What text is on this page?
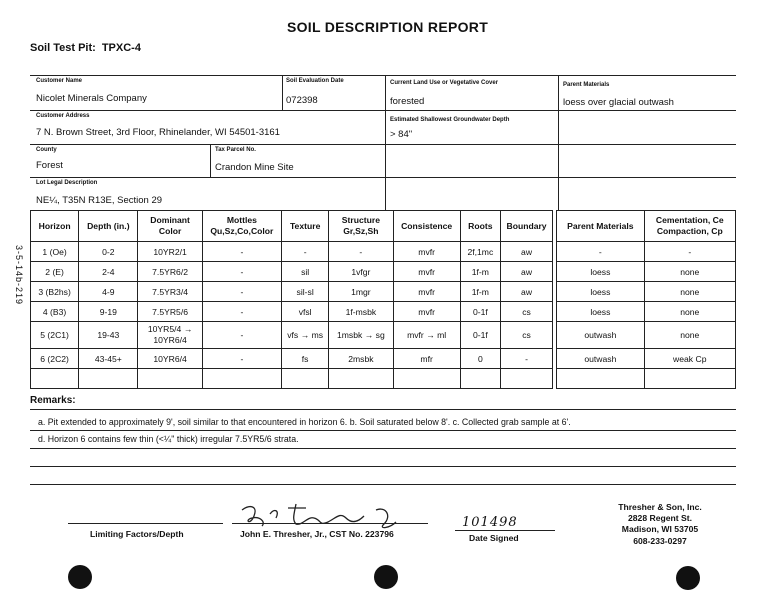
SOIL DESCRIPTION REPORT
Soil Test Pit: TPXC-4
Customer Name
Nicolet Minerals Company
Soil Evaluation Date
072398
Current Land Use or Vegetative Cover
forested
Parent Materials
loess over glacial outwash
Customer Address
7 N. Brown Street, 3rd Floor, Rhinelander, WI 54501-3161
Estimated Shallowest Groundwater Depth
> 84"
County
Forest
Tax Parcel No.
Crandon Mine Site
Lot Legal Description
NE¼, T35N R13E, Section 29
3-5-14b-219
Horizon	Depth (in.)	Dominant Color	Mottles Qu,Sz,Co,Color	Texture	Structure Gr,Sz,Sh	Consistence	Roots	Boundary		Parent Materials	Cementation, Ce Compaction, Cp
1 (Oe)	0-2	10YR2/1	-	-	-	mvfr	2f,1mc	aw		-	-
2 (E)	2-4	7.5YR6/2	-	sil	1vfgr	mvfr	1f-m	aw		loess	none
3 (B2hs)	4-9	7.5YR3/4	-	sil-sl	1mgr	mvfr	1f-m	aw		loess	none
4 (B3)	9-19	7.5YR5/6	-	vfsl	1f-msbk	mvfr	0-1f	cs		loess	none
5 (2C1)	19-43	10YR5/4 → 10YR6/4	-	vfs → ms	1msbk → sg	mvfr → ml	0-1f	cs		outwash	none
6 (2C2)	43-45+	10YR6/4	-	fs	2msbk	mfr	0	-		outwash	weak Cp

Remarks:
a. Pit extended to approximately 9', soil similar to that encountered in horizon 6. b. Soil saturated below 8'. c. Collected grab sample at 6'.
d. Horizon 6 contains few thin (<¼" thick) irregular 7.5YR5/6 strata.
Limiting Factors/Depth	John E. Thresher, Jr., CST No. 223796
101498
Date Signed
Thresher & Son, Inc.
2828 Regent St.
Madison, WI 53705
608-233-0297
